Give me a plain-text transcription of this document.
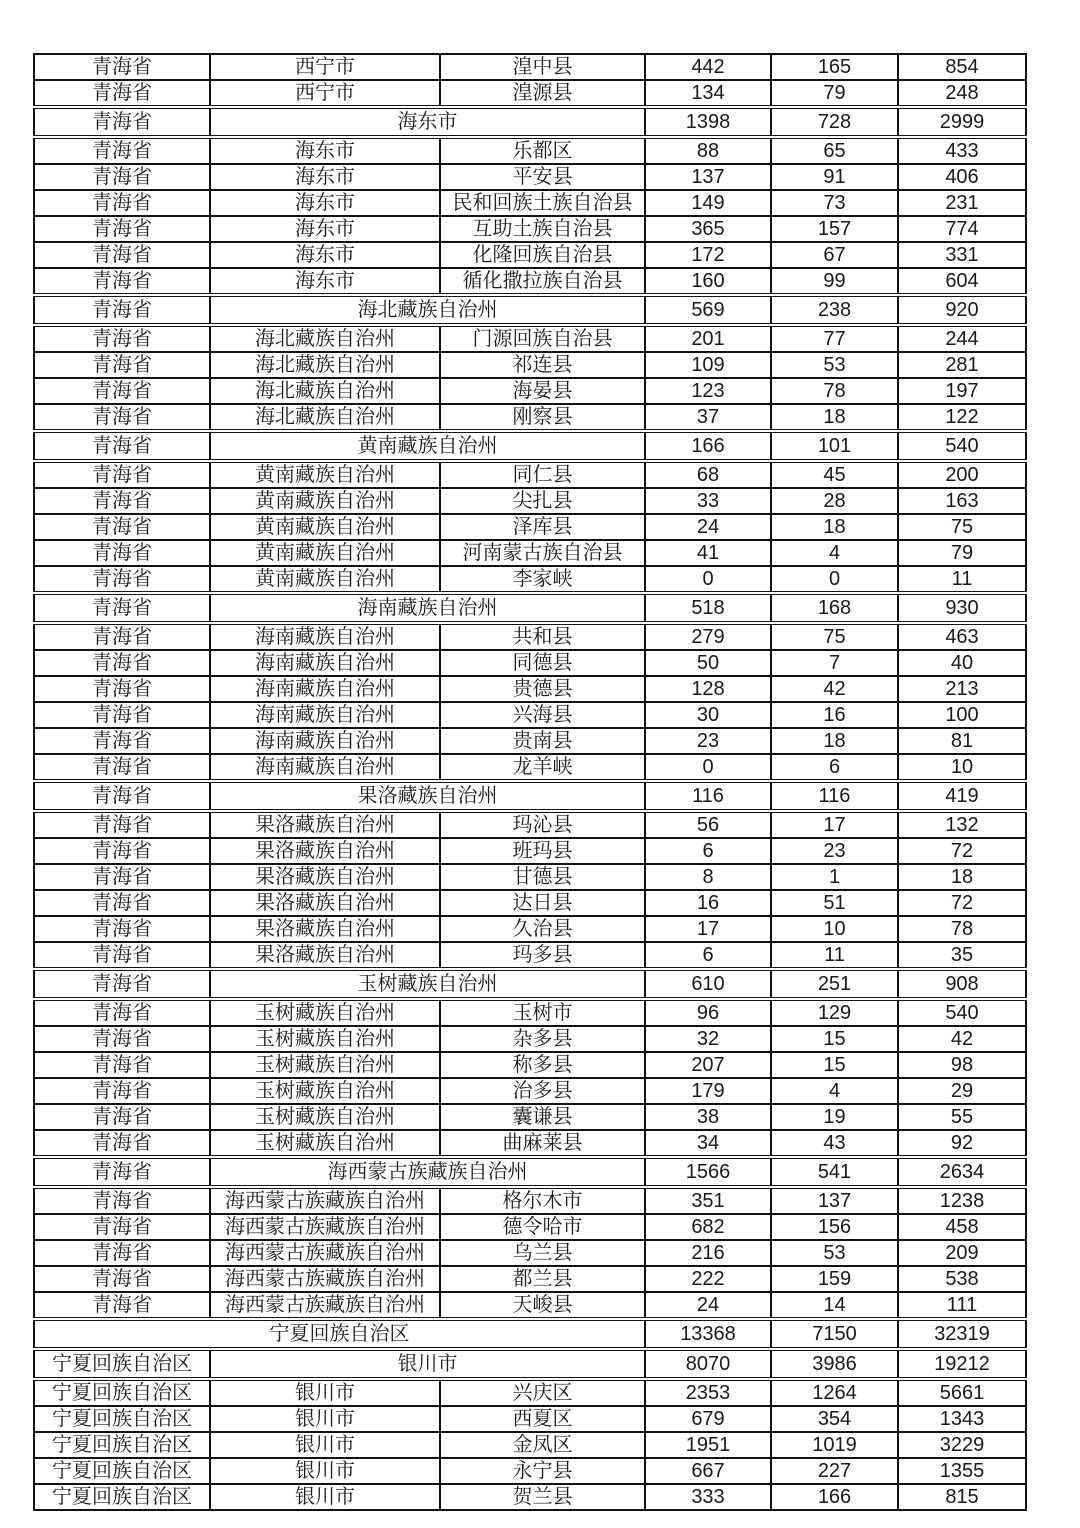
青海省	西宁市	湟中县	442	165	854
青海省	西宁市	湟源县	134	79	248
青海省	海东市		1398	728	2999
青海省	海东市	乐都区	88	65	433
青海省	海东市	平安县	137	91	406
青海省	海东市	民和回族土族自治县	149	73	231
青海省	海东市	互助土族自治县	365	157	774
青海省	海东市	化隆回族自治县	172	67	331
青海省	海东市	循化撒拉族自治县	160	99	604
青海省	海北藏族自治州		569	238	920
青海省	海北藏族自治州	门源回族自治县	201	77	244
青海省	海北藏族自治州	祁连县	109	53	281
青海省	海北藏族自治州	海晏县	123	78	197
青海省	海北藏族自治州	刚察县	37	18	122
青海省	黄南藏族自治州		166	101	540
青海省	黄南藏族自治州	同仁县	68	45	200
青海省	黄南藏族自治州	尖扎县	33	28	163
青海省	黄南藏族自治州	泽库县	24	18	75
青海省	黄南藏族自治州	河南蒙古族自治县	41	4	79
青海省	黄南藏族自治州	李家峡	0	0	11
青海省	海南藏族自治州		518	168	930
青海省	海南藏族自治州	共和县	279	75	463
青海省	海南藏族自治州	同德县	50	7	40
青海省	海南藏族自治州	贵德县	128	42	213
青海省	海南藏族自治州	兴海县	30	16	100
青海省	海南藏族自治州	贵南县	23	18	81
青海省	海南藏族自治州	龙羊峡	0	6	10
青海省	果洛藏族自治州		116	116	419
青海省	果洛藏族自治州	玛沁县	56	17	132
青海省	果洛藏族自治州	班玛县	6	23	72
青海省	果洛藏族自治州	甘德县	8	1	18
青海省	果洛藏族自治州	达日县	16	51	72
青海省	果洛藏族自治州	久治县	17	10	78
青海省	果洛藏族自治州	玛多县	6	11	35
青海省	玉树藏族自治州		610	251	908
青海省	玉树藏族自治州	玉树市	96	129	540
青海省	玉树藏族自治州	杂多县	32	15	42
青海省	玉树藏族自治州	称多县	207	15	98
青海省	玉树藏族自治州	治多县	179	4	29
青海省	玉树藏族自治州	囊谦县	38	19	55
青海省	玉树藏族自治州	曲麻莱县	34	43	92
青海省	海西蒙古族藏族自治州		1566	541	2634
青海省	海西蒙古族藏族自治州	格尔木市	351	137	1238
青海省	海西蒙古族藏族自治州	德令哈市	682	156	458
青海省	海西蒙古族藏族自治州	乌兰县	216	53	209
青海省	海西蒙古族藏族自治州	都兰县	222	159	538
青海省	海西蒙古族藏族自治州	天峻县	24	14	111
宁夏回族自治区			13368	7150	32319
宁夏回族自治区	银川市		8070	3986	19212
宁夏回族自治区	银川市	兴庆区	2353	1264	5661
宁夏回族自治区	银川市	西夏区	679	354	1343
宁夏回族自治区	银川市	金凤区	1951	1019	3229
宁夏回族自治区	银川市	永宁县	667	227	1355
宁夏回族自治区	银川市	贺兰县	333	166	815
